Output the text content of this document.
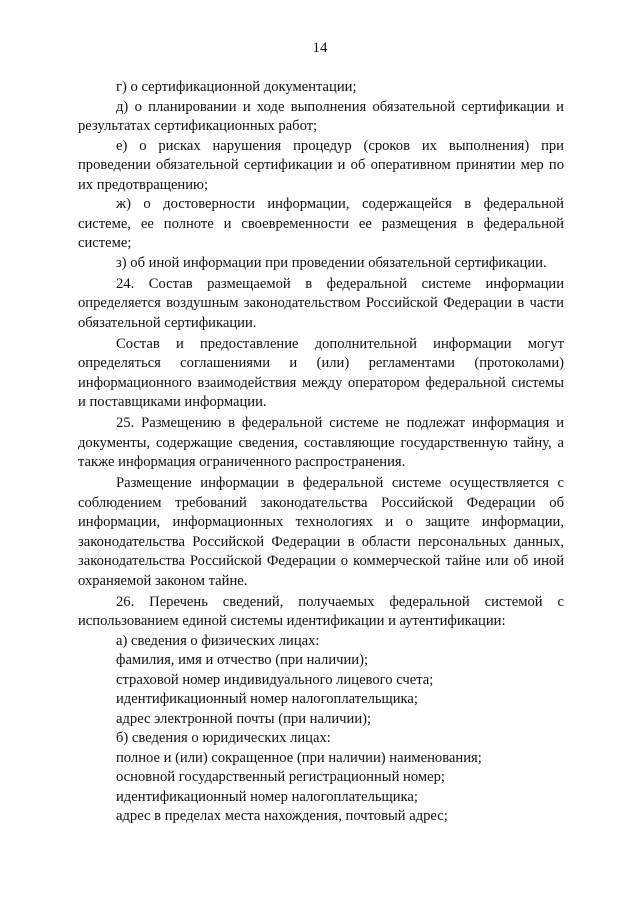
14

г) о сертификационной документации;

д) о планировании и ходе выполнения обязательной сертификации и результатах сертификационных работ;

е) о рисках нарушения процедур (сроков их выполнения) при проведении обязательной сертификации и об оперативном принятии мер по их предотвращению;

ж) о достоверности информации, содержащейся в федеральной системе, ее полноте и своевременности ее размещения в федеральной системе;

з) об иной информации при проведении обязательной сертификации.

24. Состав размещаемой в федеральной системе информации определяется воздушным законодательством Российской Федерации в части обязательной сертификации.

Состав и предоставление дополнительной информации могут определяться соглашениями и (или) регламентами (протоколами) информационного взаимодействия между оператором федеральной системы и поставщиками информации.

25. Размещению в федеральной системе не подлежат информация и документы, содержащие сведения, составляющие государственную тайну, а также информация ограниченного распространения.

Размещение информации в федеральной системе осуществляется с соблюдением требований законодательства Российской Федерации об информации, информационных технологиях и о защите информации, законодательства Российской Федерации в области персональных данных, законодательства Российской Федерации о коммерческой тайне или об иной охраняемой законом тайне.

26. Перечень сведений, получаемых федеральной системой с использованием единой системы идентификации и аутентификации:

а) сведения о физических лицах:

фамилия, имя и отчество (при наличии);

страховой номер индивидуального лицевого счета;

идентификационный номер налогоплательщика;

адрес электронной почты (при наличии);

б) сведения о юридических лицах:

полное и (или) сокращенное (при наличии) наименования;

основной государственный регистрационный номер;

идентификационный номер налогоплательщика;

адрес в пределах места нахождения, почтовый адрес;
